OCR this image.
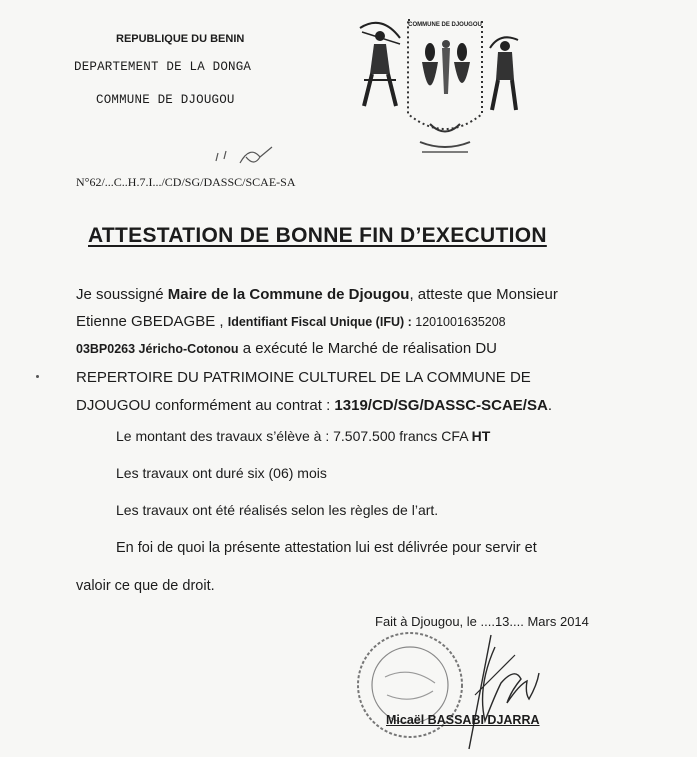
REPUBLIQUE DU BENIN
DEPARTEMENT DE LA DONGA
COMMUNE DE DJOUGOU
COMMUNE DE DJOUGOU
N°62/...C..H.7.I.../CD/SG/DASSC/SCAE-SA
ATTESTATION DE BONNE FIN D’EXECUTION
Je soussigné Maire de la Commune de Djougou, atteste que Monsieur
Etienne GBEDAGBE , Identifiant Fiscal Unique (IFU) : 1201001635208
03BP0263 Jéricho-Cotonou a exécuté le Marché de réalisation DU
REPERTOIRE DU PATRIMOINE CULTUREL DE LA COMMUNE DE
DJOUGOU conformément au contrat : 1319/CD/SG/DASSC-SCAE/SA.
Le montant des travaux s’élève à : 7.507.500 francs CFA HT
Les travaux ont duré six (06) mois
Les travaux ont été réalisés selon les règles de l’art.
En foi de quoi la présente attestation lui est délivrée pour servir et
valoir ce que de droit.
Fait à Djougou, le ....13.... Mars 2014
Micaël BASSABI DJARRA
